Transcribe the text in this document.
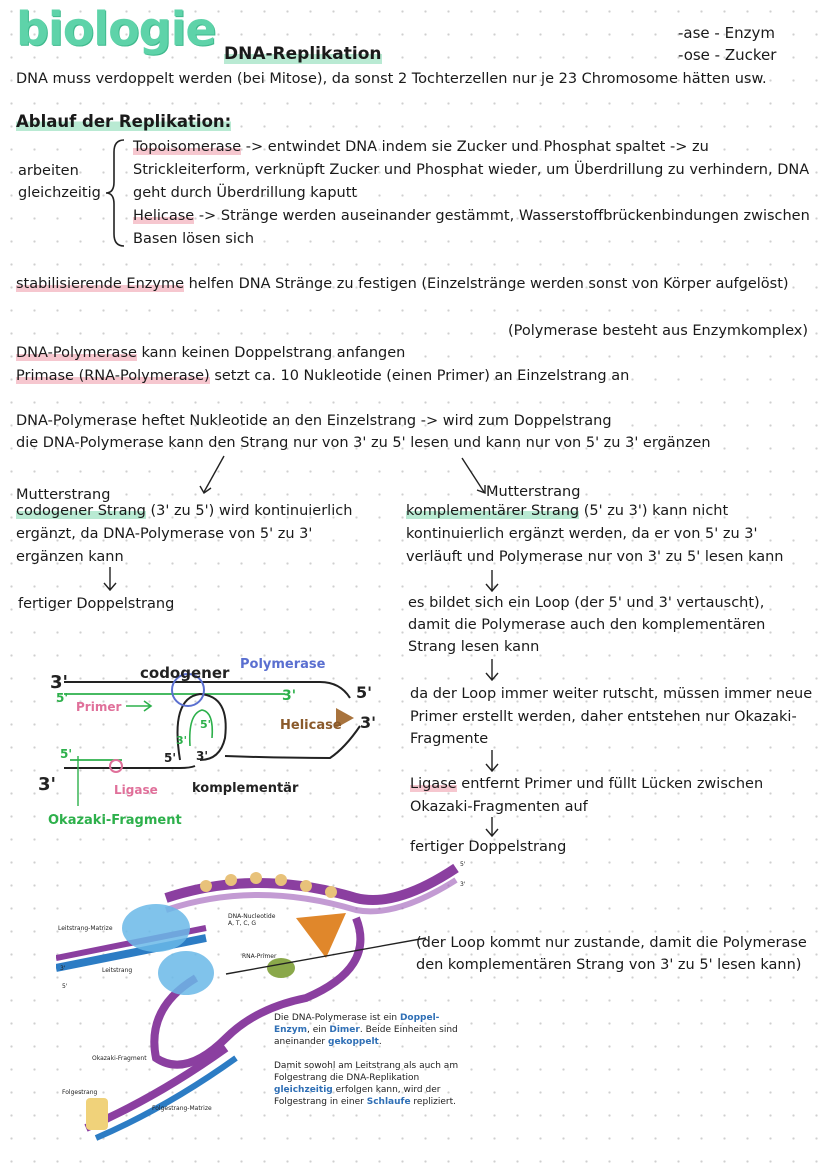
biologie DNA-Replikation
-ase - Enzym
-ose - Zucker
DNA muss verdoppelt werden (bei Mitose), da sonst 2 Tochterzellen nur je 23 Chromosome hätten usw.
Ablauf der Replikation:
arbeiten
gleichzeitig
Topoisomerase -> entwindet DNA indem sie Zucker und Phosphat spaltet -> zu
Strickleiterform, verknüpft Zucker und Phosphat wieder, um Überdrillung zu verhindern, DNA
geht durch Überdrillung kaputt
Helicase -> Stränge werden auseinander gestämmt, Wasserstoffbrückenbindungen zwischen
Basen lösen sich
stabilisierende Enzyme helfen DNA Stränge zu festigen (Einzelstränge werden sonst von Körper aufgelöst)
(Polymerase besteht aus Enzymkomplex)
DNA-Polymerase kann keinen Doppelstrang anfangen
Primase (RNA-Polymerase) setzt ca. 10 Nukleotide (einen Primer) an Einzelstrang an
DNA-Polymerase heftet Nukleotide an den Einzelstrang -> wird zum Doppelstrang
die DNA-Polymerase kann den Strang nur von 3' zu 5' lesen und kann nur von 5' zu 3' ergänzen
Mutterstrang
codogener Strang (3' zu 5') wird kontinuierlich
ergänzt, da DNA-Polymerase von 5' zu 3'
ergänzen kann
fertiger Doppelstrang
Mutterstrang
komplementärer Strang (5' zu 3') kann nicht
kontinuierlich ergänzt werden, da er von 5' zu 3'
verläuft und Polymerase nur von 3' zu 5' lesen kann
es bildet sich ein Loop (der 5' und 3' vertauscht),
damit die Polymerase auch den komplementären
Strang lesen kann
da der Loop immer weiter rutscht, müssen immer neue
Primer erstellt werden, daher entstehen nur Okazaki-
Fragmente
Ligase entfernt Primer und füllt Lücken zwischen
Okazaki-Fragmenten auf
fertiger Doppelstrang
3'
5'	3'	5'
3'
5'
3'
5' 3'
5'
3'
codogener Polymerase
Primer
Helicase
Ligase	komplementär
Okazaki-Fragment
Leitstrang-Matrize
Leitstrang
DNA-Nucleotide A, T, C, G
RNA-Primer
Okazaki-Fragment
Folgestrang
Folgestrang-Matrize
3'
5'
5'
3'
Die DNA-Polymerase ist ein Doppel-Enzym, ein Dimer. Beide Einheiten sind aneinander gekoppelt.
Damit sowohl am Leitstrang als auch am Folgestrang die DNA-Replikation gleichzeitig erfolgen kann, wird der Folgestrang in einer Schlaufe repliziert.
(der Loop kommt nur zustande, damit die Polymerase
den komplementären Strang von 3' zu 5' lesen kann)
